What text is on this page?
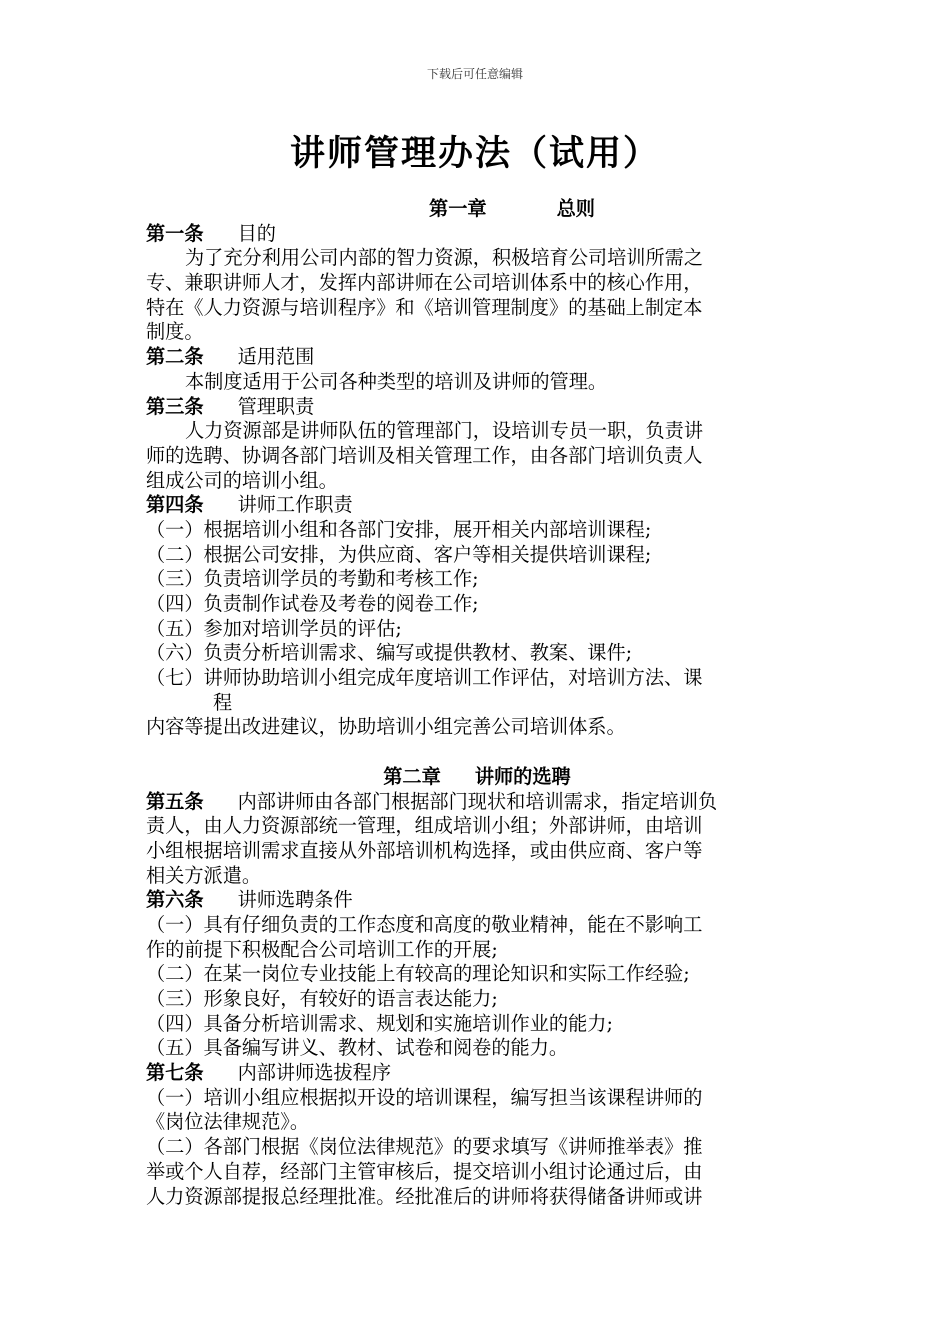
下载后可任意编辑
讲师管理办法（试用）
第一章	总则
第一条 目的
为了充分利用公司内部的智力资源，积极培育公司培训所需之
专、兼职讲师人才，发挥内部讲师在公司培训体系中的核心作用，
特在《人力资源与培训程序》和《培训管理制度》的基础上制定本
制度。
第二条 适用范围
本制度适用于公司各种类型的培训及讲师的管理。
第三条 管理职责
人力资源部是讲师队伍的管理部门，设培训专员一职，负责讲
师的选聘、协调各部门培训及相关管理工作，由各部门培训负责人
组成公司的培训小组。
第四条 讲师工作职责
（一）根据培训小组和各部门安排，展开相关内部培训课程;
（二）根据公司安排，为供应商、客户等相关提供培训课程;
（三）负责培训学员的考勤和考核工作;
（四）负责制作试卷及考卷的阅卷工作;
（五）参加对培训学员的评估;
（六）负责分析培训需求、编写或提供教材、教案、课件;
（七）讲师协助培训小组完成年度培训工作评估，对培训方法、课
程
内容等提出改进建议，协助培训小组完善公司培训体系。
第二章 讲师的选聘
第五条 内部讲师由各部门根据部门现状和培训需求，指定培训负
责人，由人力资源部统一管理，组成培训小组；外部讲师，由培训
小组根据培训需求直接从外部培训机构选择，或由供应商、客户等
相关方派遣。
第六条 讲师选聘条件
（一）具有仔细负责的工作态度和高度的敬业精神，能在不影响工
作的前提下积极配合公司培训工作的开展;
（二）在某一岗位专业技能上有较高的理论知识和实际工作经验;
（三）形象良好，有较好的语言表达能力;
（四）具备分析培训需求、规划和实施培训作业的能力;
（五）具备编写讲义、教材、试卷和阅卷的能力。
第七条 内部讲师选拔程序
（一）培训小组应根据拟开设的培训课程，编写担当该课程讲师的
《岗位法律规范》。
（二）各部门根据《岗位法律规范》的要求填写《讲师推举表》推
举或个人自荐，经部门主管审核后，提交培训小组讨论通过后，由
人力资源部提报总经理批准。经批准后的讲师将获得储备讲师或讲
